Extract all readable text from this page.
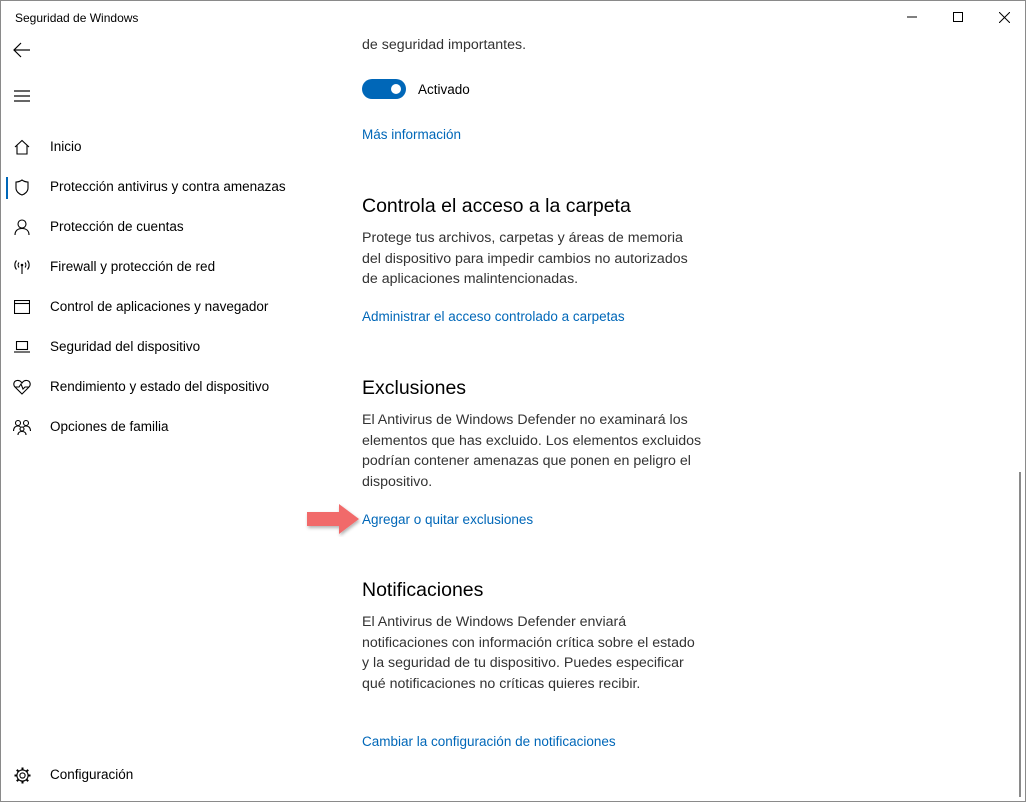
Seguridad de Windows
Inicio
Protección antivirus y contra amenazas
Protección de cuentas
Firewall y protección de red
Control de aplicaciones y navegador
Seguridad del dispositivo
Rendimiento y estado del dispositivo
Opciones de familia
Configuración
de seguridad importantes.
Activado
Más información
Controla el acceso a la carpeta
Protege tus archivos, carpetas y áreas de memoria del dispositivo para impedir cambios no autorizados de aplicaciones malintencionadas.
Administrar el acceso controlado a carpetas
Exclusiones
El Antivirus de Windows Defender no examinará los elementos que has excluido. Los elementos excluidos podrían contener amenazas que ponen en peligro el dispositivo.
Agregar o quitar exclusiones
Notificaciones
El Antivirus de Windows Defender enviará notificaciones con información crítica sobre el estado y la seguridad de tu dispositivo. Puedes especificar qué notificaciones no críticas quieres recibir.
Cambiar la configuración de notificaciones
